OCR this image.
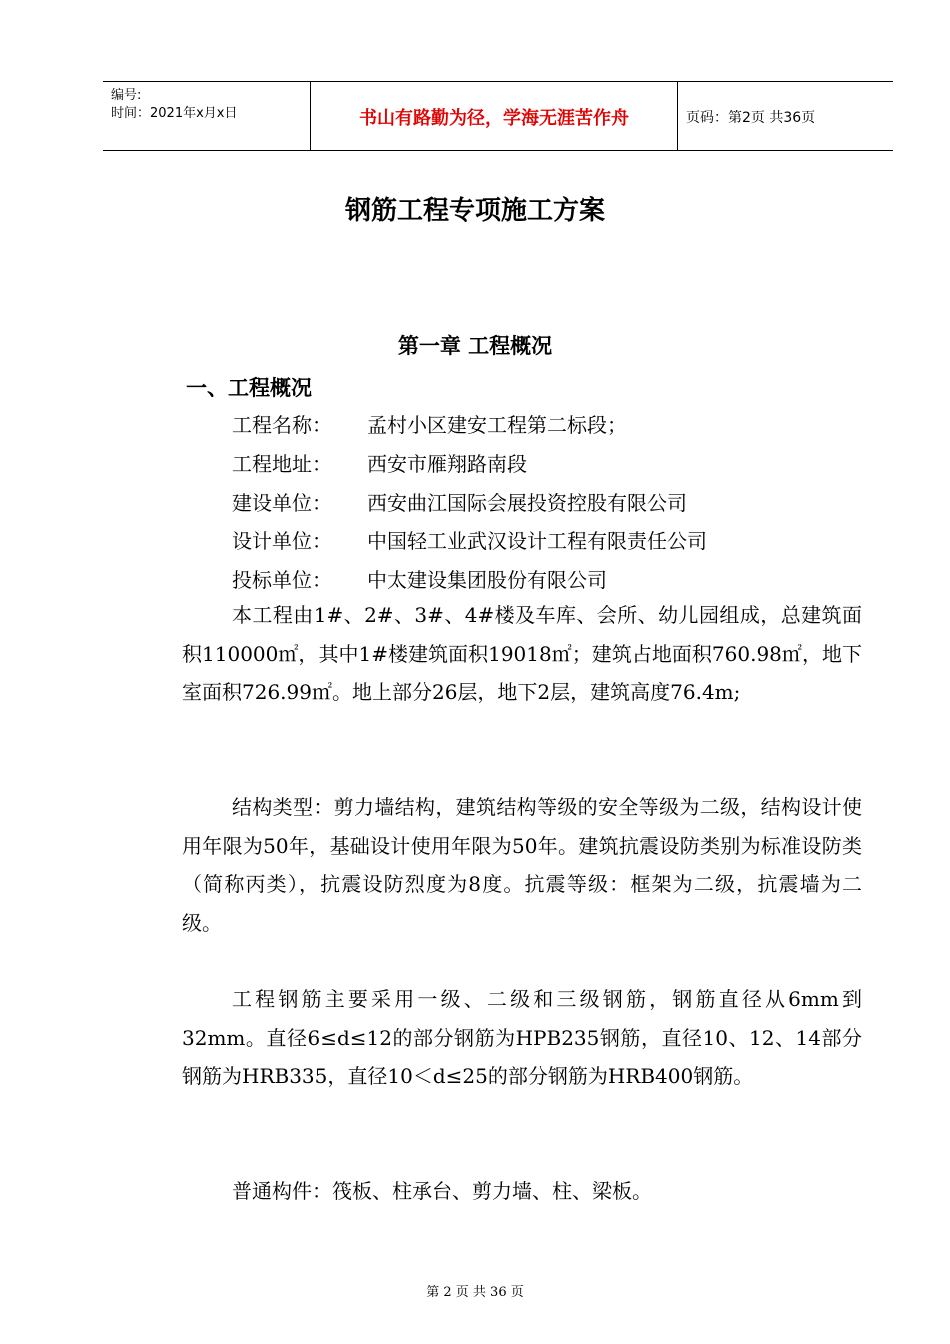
编号:
时间：2021年x月x日	书山有路勤为径，学海无涯苦作舟	页码：第2页 共36页
钢筋工程专项施工方案
第一章 工程概况
一、工程概况
工程名称： 孟村小区建安工程第二标段；
工程地址： 西安市雁翔路南段
建设单位： 西安曲江国际会展投资控股有限公司
设计单位： 中国轻工业武汉设计工程有限责任公司
投标单位： 中太建设集团股份有限公司
本工程由1#、2#、3#、4#楼及车库、会所、幼儿园组成，总建筑面积110000㎡，其中1#楼建筑面积19018㎡；建筑占地面积760.98㎡，地下室面积726.99㎡。地上部分26层，地下2层，建筑高度76.4m;
结构类型：剪力墙结构，建筑结构等级的安全等级为二级，结构设计使用年限为50年，基础设计使用年限为50年。建筑抗震设防类别为标准设防类（简称丙类），抗震设防烈度为8度。抗震等级：框架为二级，抗震墙为二级。
工程钢筋主要采用一级、二级和三级钢筋，钢筋直径从6mm到32mm。直径6≤d≤12的部分钢筋为HPB235钢筋，直径10、12、14部分钢筋为HRB335，直径10＜d≤25的部分钢筋为HRB400钢筋。
普通构件：筏板、柱承台、剪力墙、柱、梁板。
第 2 页 共 36 页
